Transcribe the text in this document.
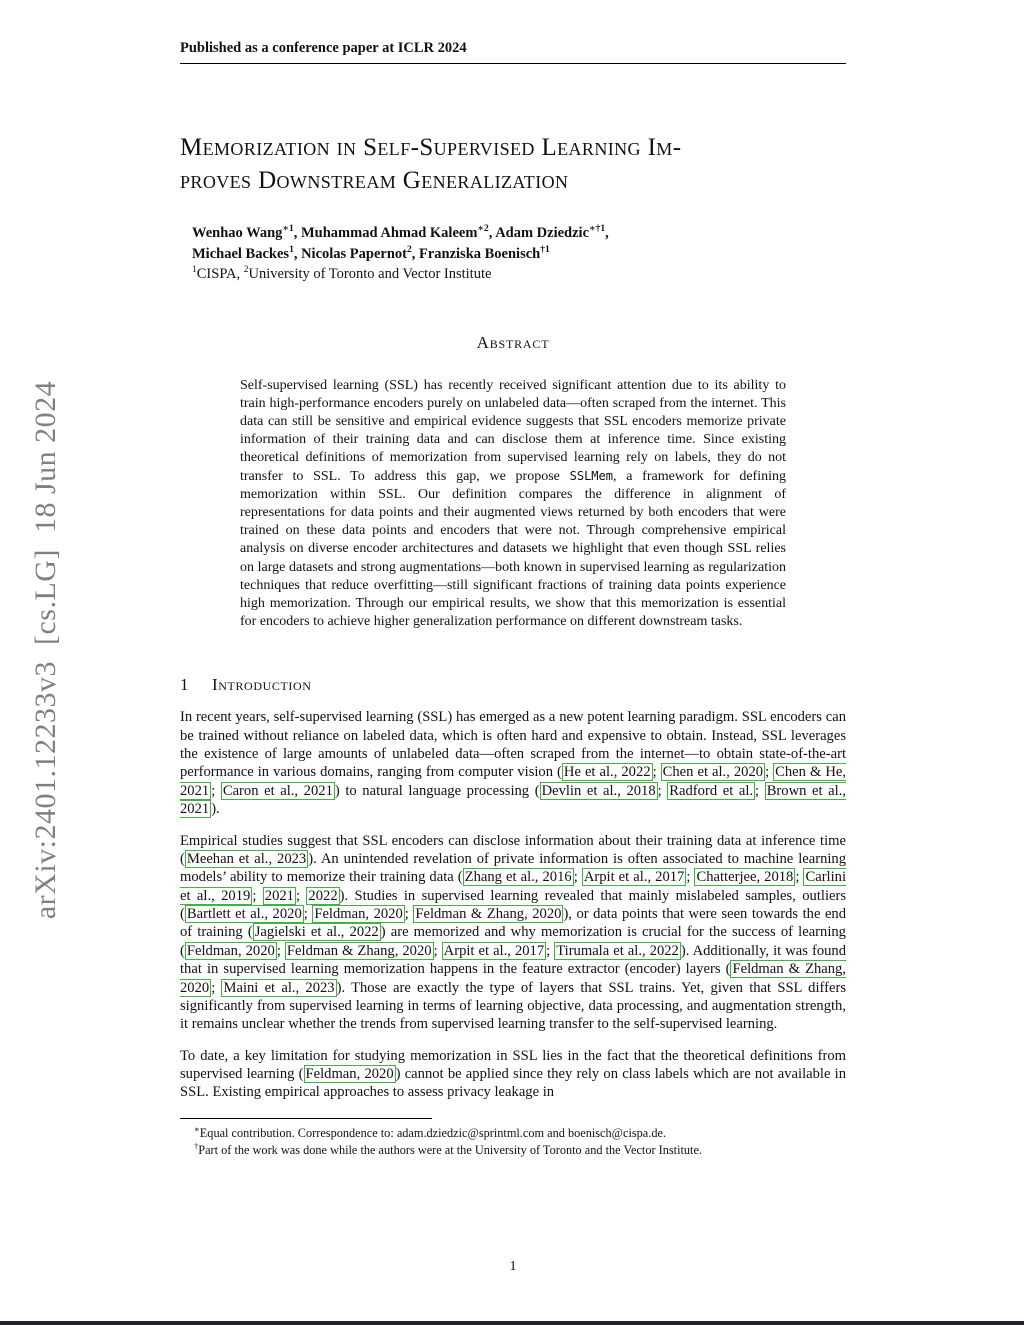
arXiv:2401.12233v3  [cs.LG]  18 Jun 2024
Published as a conference paper at ICLR 2024
Memorization in Self-Supervised Learning Im-
proves Downstream Generalization
Wenhao Wang$^{∗1}$, Muhammad Ahmad Kaleem$^{∗2}$, Adam Dziedzic$^{∗\dagger 1}$,
Michael Backes$^1$, Nicolas Papernot$^2$, Franziska Boenisch$^{\dagger 1}$
$^1$CISPA, $^2$University of Toronto and Vector Institute
Abstract
Self-supervised learning (SSL) has recently received significant attention due to its ability to train high-performance encoders purely on unlabeled data—often scraped from the internet. This data can still be sensitive and empirical evidence suggests that SSL encoders memorize private information of their training data and can disclose them at inference time. Since existing theoretical definitions of memorization from supervised learning rely on labels, they do not transfer to SSL. To address this gap, we propose SSLMem, a framework for defining memorization within SSL. Our definition compares the difference in alignment of representations for data points and their augmented views returned by both encoders that were trained on these data points and encoders that were not. Through comprehensive empirical analysis on diverse encoder architectures and datasets we highlight that even though SSL relies on large datasets and strong augmentations—both known in supervised learning as regularization techniques that reduce overfitting—still significant fractions of training data points experience high memorization. Through our empirical results, we show that this memorization is essential for encoders to achieve higher generalization performance on different downstream tasks.
1 Introduction

In recent years, self-supervised learning (SSL) has emerged as a new potent learning paradigm. SSL encoders can be trained without reliance on labeled data, which is often hard and expensive to obtain. Instead, SSL leverages the existence of large amounts of unlabeled data—often scraped from the internet—to obtain state-of-the-art performance in various domains, ranging from computer vision ( He et al., 2022 ; Chen et al., 2020 ; Chen & He, 2021 ; Caron et al., 2021 ) to natural language processing ( Devlin et al., 2018 ; Radford et al. ; Brown et al., 2021 ).

Empirical studies suggest that SSL encoders can disclose information about their training data at inference time ( Meehan et al., 2023 ). An unintended revelation of private information is often associated to machine learning models’ ability to memorize their training data ( Zhang et al., 2016 ; Arpit et al., 2017 ; Chatterjee, 2018 ; Carlini et al., 2019 ; 2021 ; 2022 ). Studies in supervised learning revealed that mainly mislabeled samples, outliers ( Bartlett et al., 2020 ; Feldman, 2020 ; Feldman & Zhang, 2020 ), or data points that were seen towards the end of training ( Jagielski et al., 2022 ) are memorized and why memorization is crucial for the success of learning ( Feldman, 2020 ; Feldman & Zhang, 2020 ; Arpit et al., 2017 ; Tirumala et al., 2022 ). Additionally, it was found that in supervised learning memorization happens in the feature extractor (encoder) layers ( Feldman & Zhang, 2020 ; Maini et al., 2023 ). Those are exactly the type of layers that SSL trains. Yet, given that SSL differs significantly from supervised learning in terms of learning objective, data processing, and augmentation strength, it remains unclear whether the trends from supervised learning transfer to the self-supervised learning.

To date, a key limitation for studying memorization in SSL lies in the fact that the theoretical definitions from supervised learning ( Feldman, 2020 ) cannot be applied since they rely on class labels which are not available in SSL. Existing empirical approaches to assess privacy leakage in

∗Equal contribution. Correspondence to: adam.dziedzic@sprintml.com and boenisch@cispa.de.
†Part of the work was done while the authors were at the University of Toronto and the Vector Institute.
1
